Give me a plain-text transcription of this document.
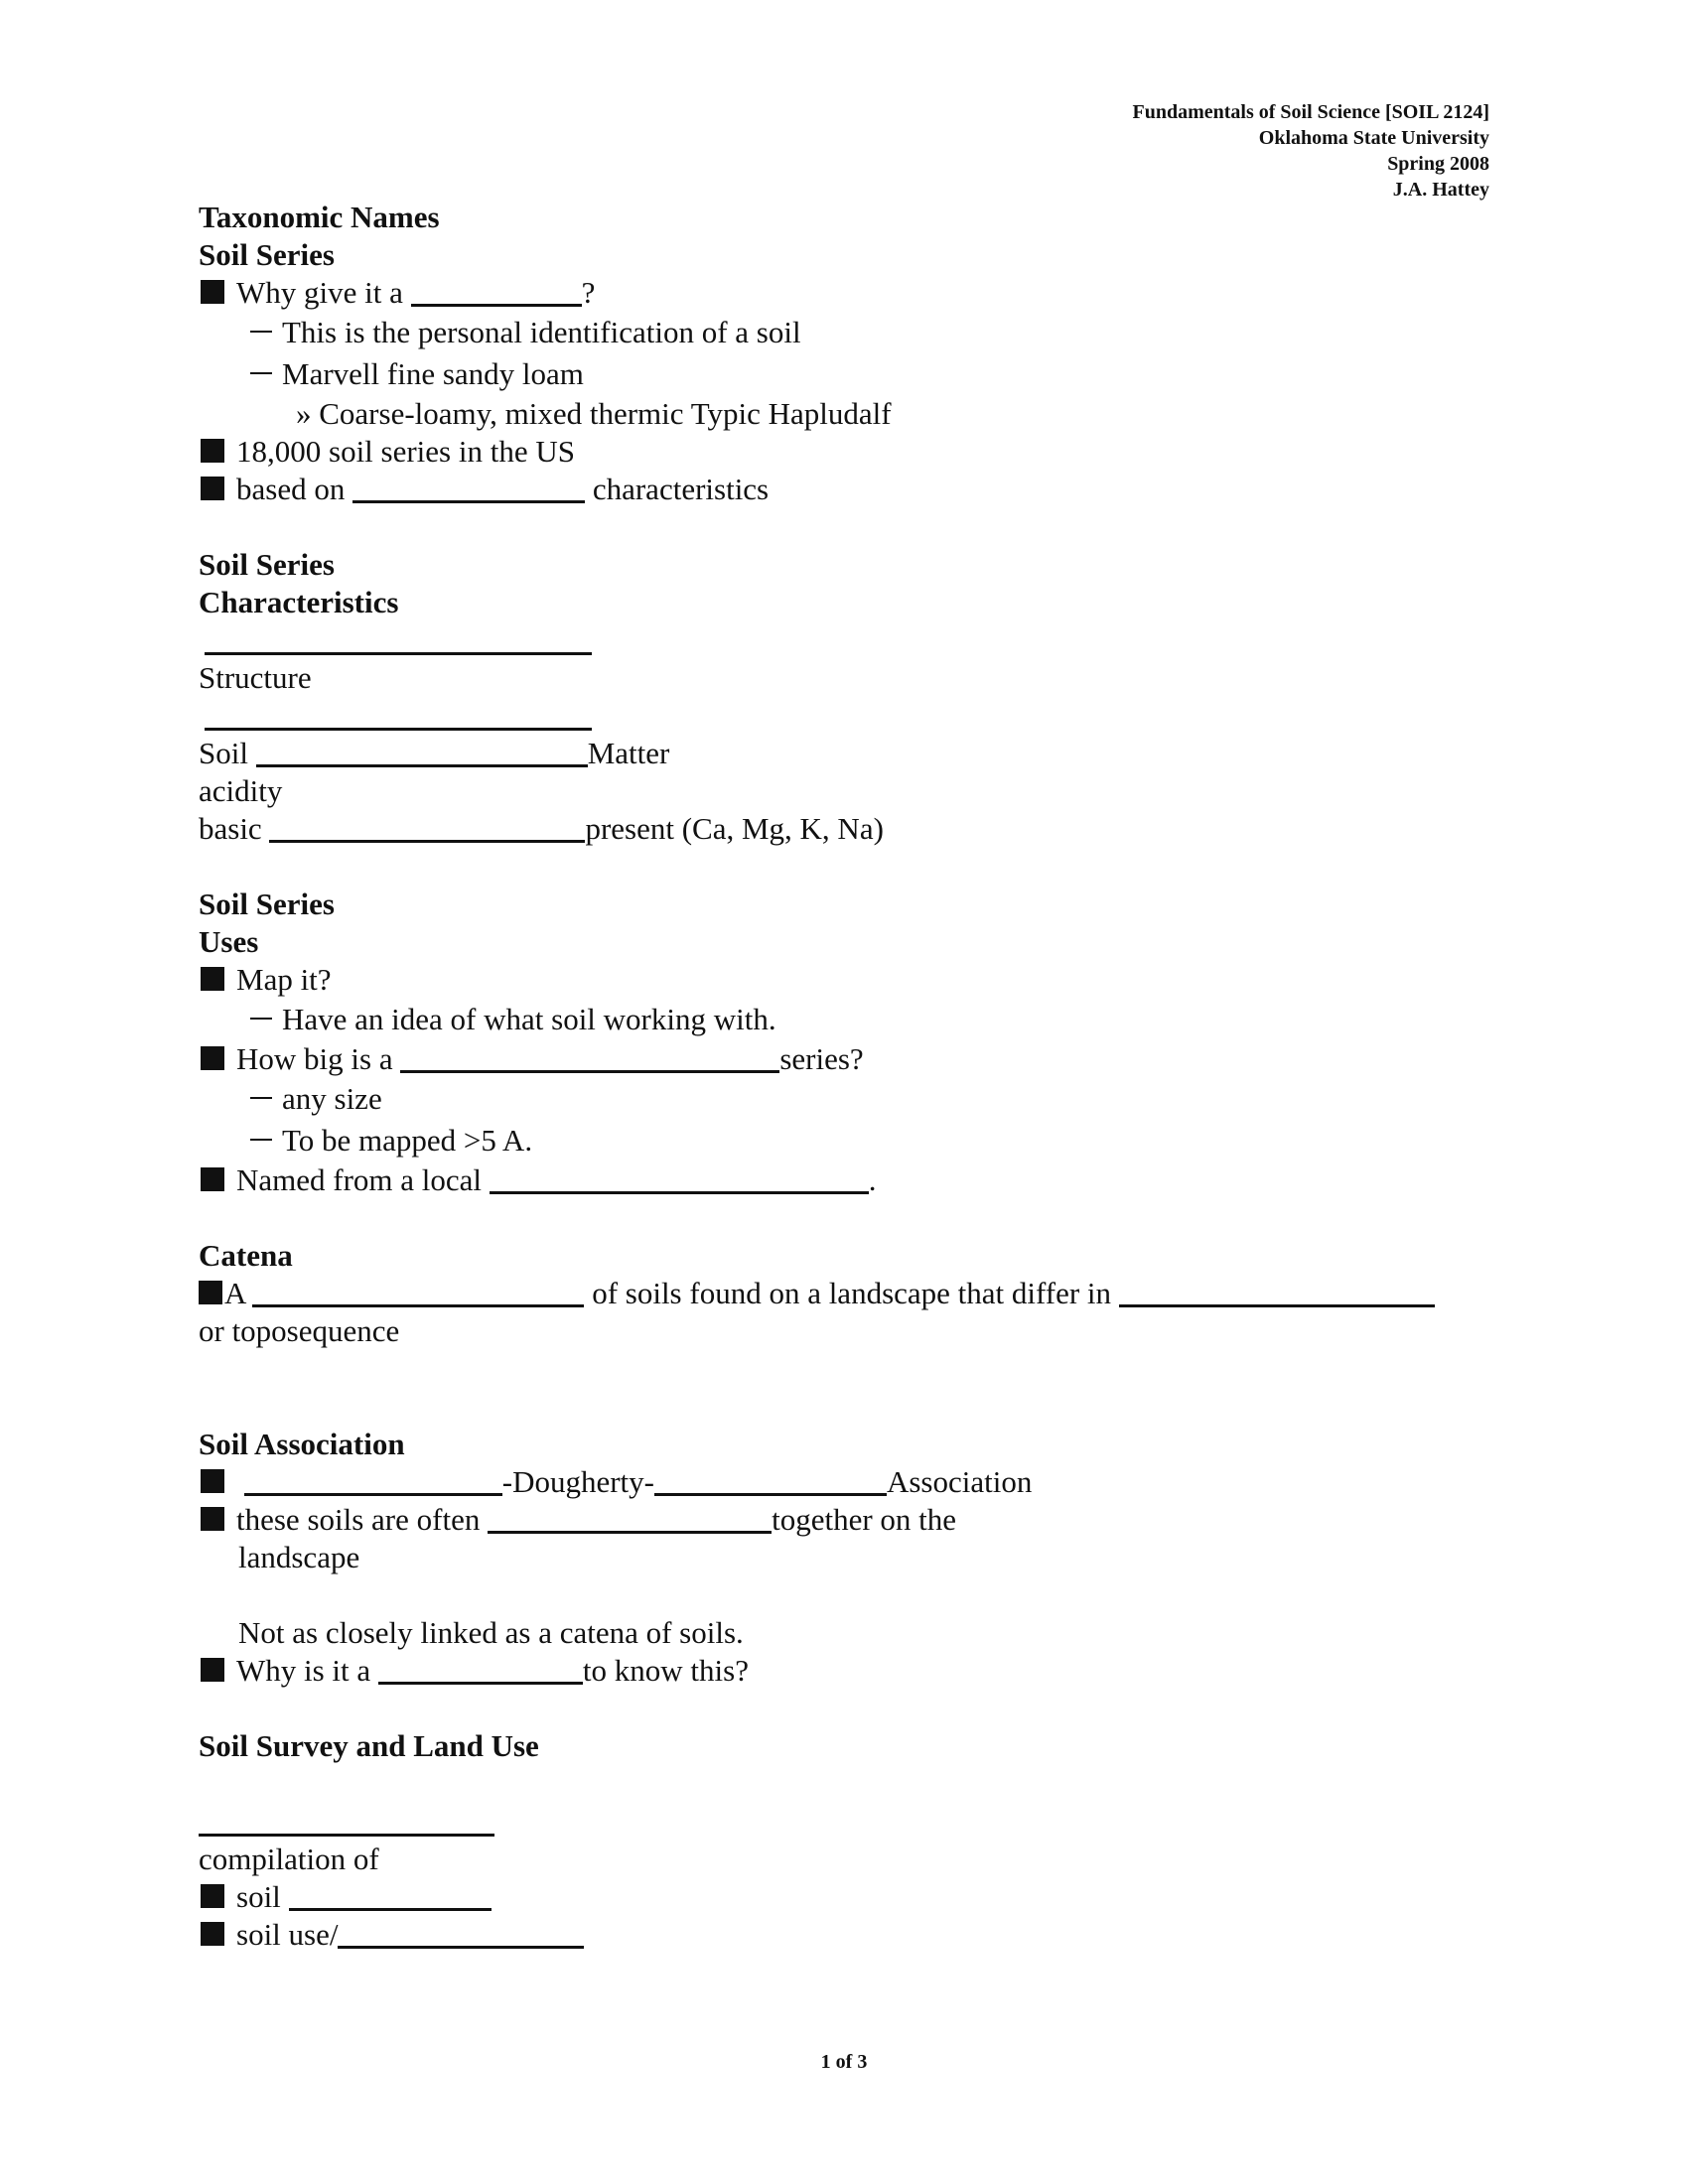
Fundamentals of Soil Science [SOIL 2124]
Oklahoma State University
Spring 2008
J.A. Hattey
Taxonomic Names
Soil Series
Why give it a	?
This is the personal identification of a soil
Marvell fine sandy loam
» Coarse-loamy, mixed thermic Typic Hapludalf
18,000 soil series in the US
based on	characteristics
Soil Series
Characteristics
Structure
Soil	Matter
acidity
basic	present (Ca, Mg, K, Na)
Soil Series
Uses
Map it?
Have an idea of what soil working with.
How big is a	series?
any size
To be mapped >5 A.
Named from a local	.
Catena
A	of soils found on a landscape that differ in
or toposequence
Soil Association
-Dougherty-	Association
these soils are often	together on the
landscape
Not as closely linked as a catena of soils.
Why is it a	to know this?
Soil Survey and Land Use
compilation of
soil
soil use/
1 of 3
